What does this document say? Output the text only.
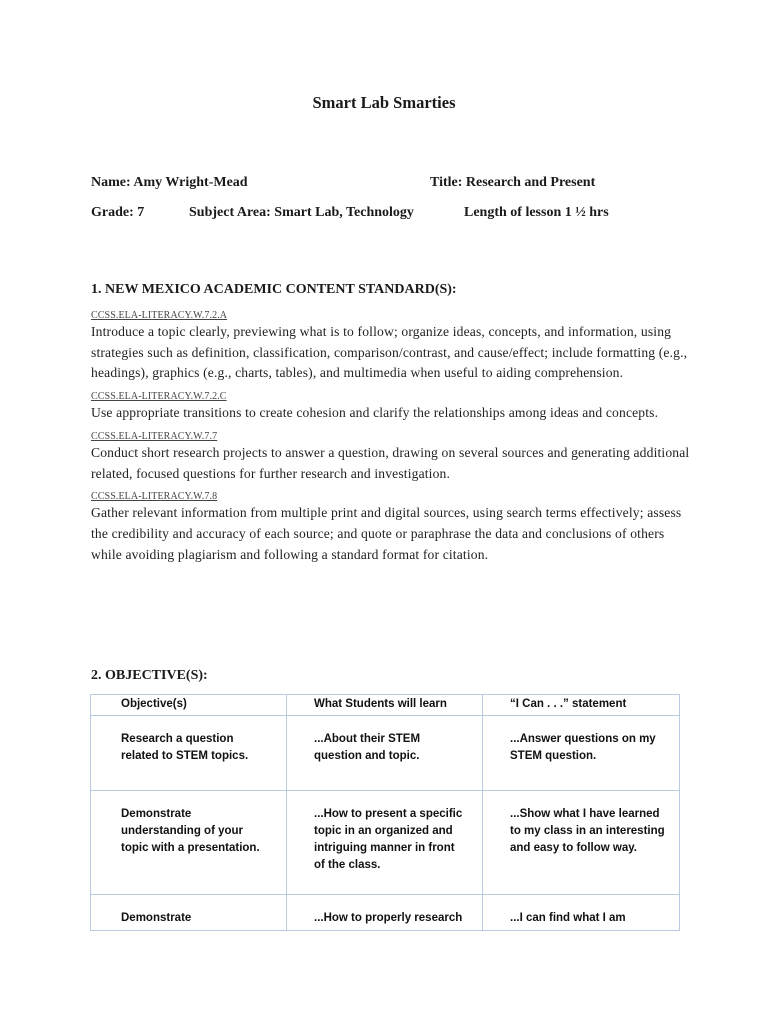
Smart Lab Smarties
Name: Amy Wright-Mead	Title: Research and Present
Grade: 7	Subject Area: Smart Lab, Technology	Length of lesson 1 ½ hrs
1. NEW MEXICO ACADEMIC CONTENT STANDARD(S):
CCSS.ELA-LITERACY.W.7.2.A
Introduce a topic clearly, previewing what is to follow; organize ideas, concepts, and information, using strategies such as definition, classification, comparison/contrast, and cause/effect; include formatting (e.g., headings), graphics (e.g., charts, tables), and multimedia when useful to aiding comprehension.
CCSS.ELA-LITERACY.W.7.2.C
Use appropriate transitions to create cohesion and clarify the relationships among ideas and concepts.
CCSS.ELA-LITERACY.W.7.7
Conduct short research projects to answer a question, drawing on several sources and generating additional related, focused questions for further research and investigation.
CCSS.ELA-LITERACY.W.7.8
Gather relevant information from multiple print and digital sources, using search terms effectively; assess the credibility and accuracy of each source; and quote or paraphrase the data and conclusions of others while avoiding plagiarism and following a standard format for citation.
2. OBJECTIVE(S):
Objective(s)	What Students will learn	“I Can . . .” statement
Research a question related to STEM topics.	...About their STEM question and topic.	...Answer questions on my STEM question.
Demonstrate understanding of your topic with a presentation.	...How to present a specific topic in an organized and intriguing manner in front of the class.	...Show what I have learned to my class in an interesting and easy to follow way.
Demonstrate	...How to properly research	...I can find what I am
